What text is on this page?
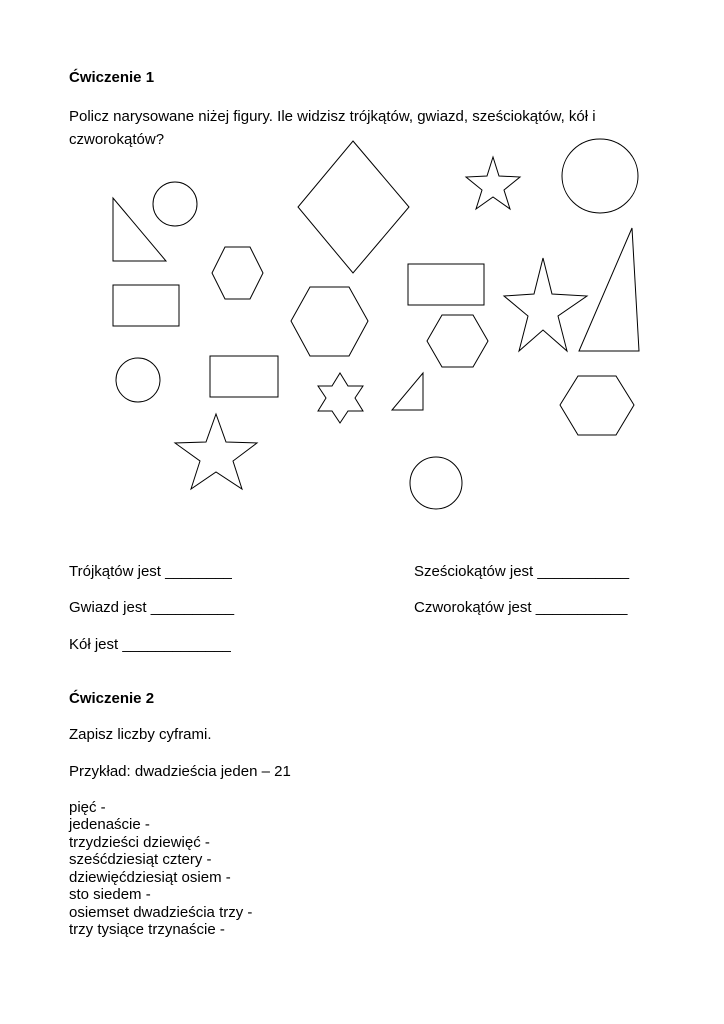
Ćwiczenie 1
Policz narysowane niżej figury. Ile widzisz trójkątów, gwiazd, sześciokątów, kół i czworokątów?
Trójkątów jest ________	Sześciokątów jest ___________
Gwiazd jest __________	Czworokątów jest ___________
Kół jest _____________
Ćwiczenie 2
Zapisz liczby cyframi.
Przykład: dwadzieścia jeden – 21
pięć -
jedenaście -
trzydzieści dziewięć -
sześćdziesiąt cztery -
dziewięćdziesiąt osiem -
sto siedem -
osiemset dwadzieścia trzy -
trzy tysiące trzynaście -
